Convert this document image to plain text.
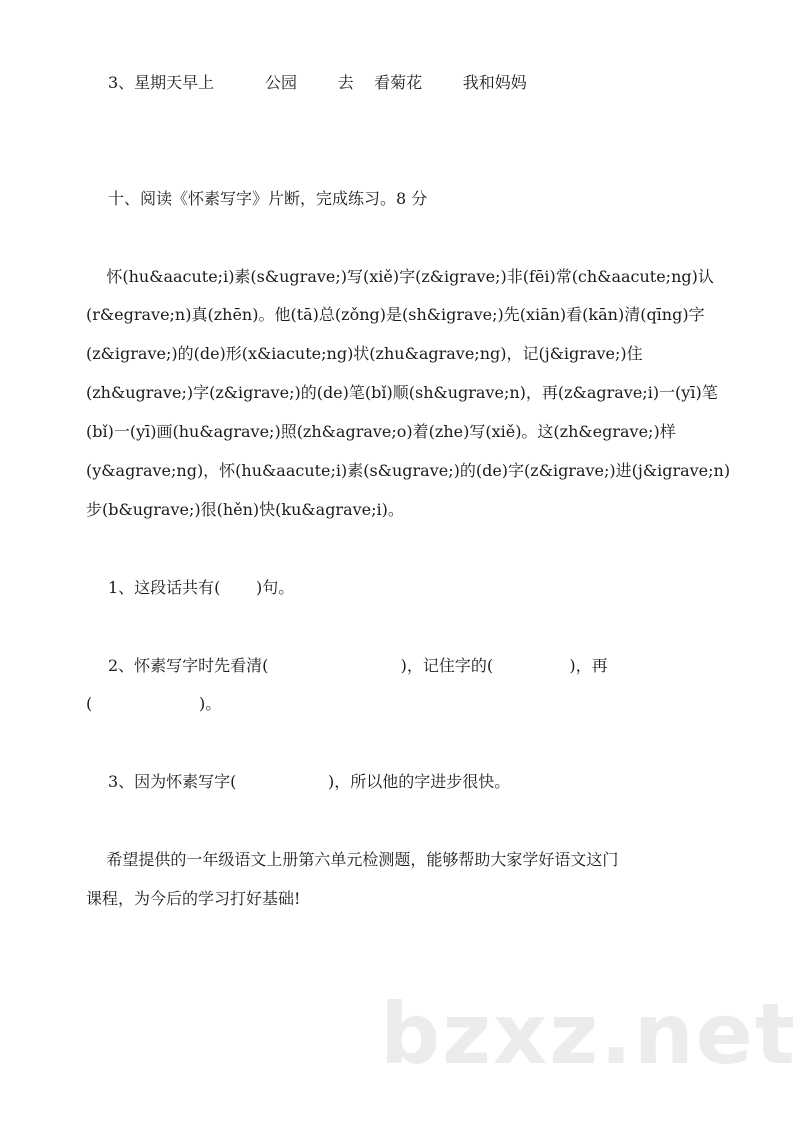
3、星期天早上          公园        去    看菊花        我和妈妈

十、阅读《怀素写字》片断，完成练习。8 分

怀(hu&aacute;i)素(s&ugrave;)写(xiě)字(z&igrave;)非(fēi)常(ch&aacute;ng)认

(r&egrave;n)真(zhēn)。他(tā)总(zǒng)是(sh&igrave;)先(xiān)看(kān)清(qīng)字

(z&igrave;)的(de)形(x&iacute;ng)状(zhu&agrave;ng)，记(j&igrave;)住

(zh&ugrave;)字(z&igrave;)的(de)笔(bǐ)顺(sh&ugrave;n)，再(z&agrave;i)一(yī)笔

(bǐ)一(yī)画(hu&agrave;)照(zh&agrave;o)着(zhe)写(xiě)。这(zh&egrave;)样

(y&agrave;ng)，怀(hu&aacute;i)素(s&ugrave;)的(de)字(z&igrave;)进(j&igrave;n)

步(b&ugrave;)很(hěn)快(ku&agrave;i)。

1、这段话共有(       )句。

2、怀素写字时先看清(                          )，记住字的(               )，再

(                     )。

3、因为怀素写字(                  )，所以他的字进步很快。

希望提供的一年级语文上册第六单元检测题，能够帮助大家学好语文这门

课程，为今后的学习打好基础!

bzxz.net
